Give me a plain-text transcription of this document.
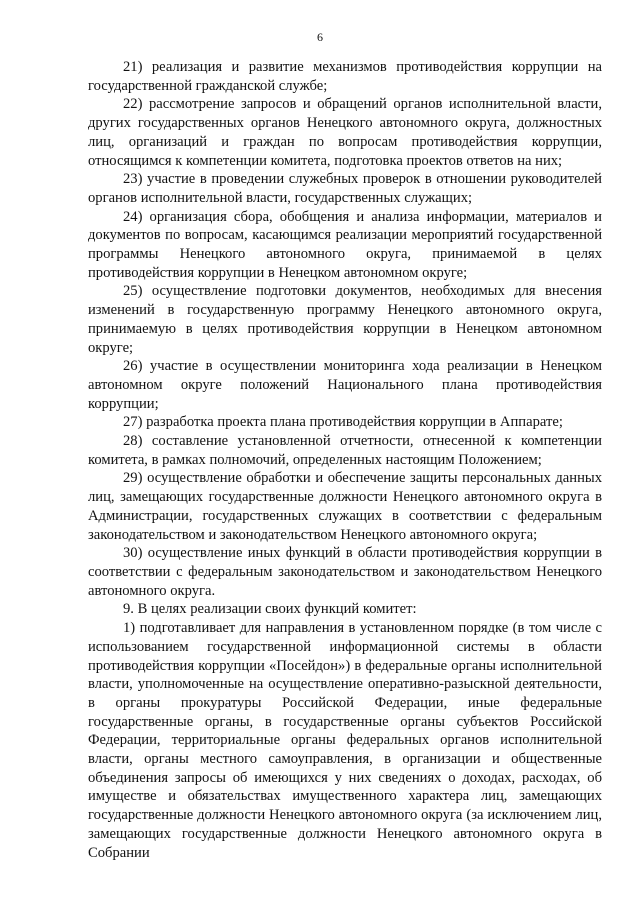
6

21) реализация и развитие механизмов противодействия коррупции на государственной гражданской службе;

22) рассмотрение запросов и обращений органов исполнительной власти, других государственных органов Ненецкого автономного округа, должностных лиц, организаций и граждан по вопросам противодействия коррупции, относящимся к компетенции комитета, подготовка проектов ответов на них;

23) участие в проведении служебных проверок в отношении руководителей органов исполнительной власти, государственных служащих;

24) организация сбора, обобщения и анализа информации, материалов и документов по вопросам, касающимся реализации мероприятий государственной программы Ненецкого автономного округа, принимаемой в целях противодействия коррупции в Ненецком автономном округе;

25) осуществление подготовки документов, необходимых для внесения изменений в государственную программу Ненецкого автономного округа, принимаемую в целях противодействия коррупции в Ненецком автономном округе;

26) участие в осуществлении мониторинга хода реализации в Ненецком автономном округе положений Национального плана противодействия коррупции;

27) разработка проекта плана противодействия коррупции в Аппарате;

28) составление установленной отчетности, отнесенной к компетенции комитета, в рамках полномочий, определенных настоящим Положением;

29) осуществление обработки и обеспечение защиты персональных данных лиц, замещающих государственные должности Ненецкого автономного округа в Администрации, государственных служащих в соответствии с федеральным законодательством и законодательством Ненецкого автономного округа;

30) осуществление иных функций в области противодействия коррупции в соответствии с федеральным законодательством и законодательством Ненецкого автономного округа.

9. В целях реализации своих функций комитет:

1) подготавливает для направления в установленном порядке (в том числе с использованием государственной информационной системы в области противодействия коррупции «Посейдон») в федеральные органы исполнительной власти, уполномоченные на осуществление оперативно-разыскной деятельности, в органы прокуратуры Российской Федерации, иные федеральные государственные органы, в государственные органы субъектов Российской Федерации, территориальные органы федеральных органов исполнительной власти, органы местного самоуправления, в организации и общественные объединения запросы об имеющихся у них сведениях о доходах, расходах, об имуществе и обязательствах имущественного характера лиц, замещающих государственные должности Ненецкого автономного округа (за исключением лиц, замещающих государственные должности Ненецкого автономного округа в Собрании
